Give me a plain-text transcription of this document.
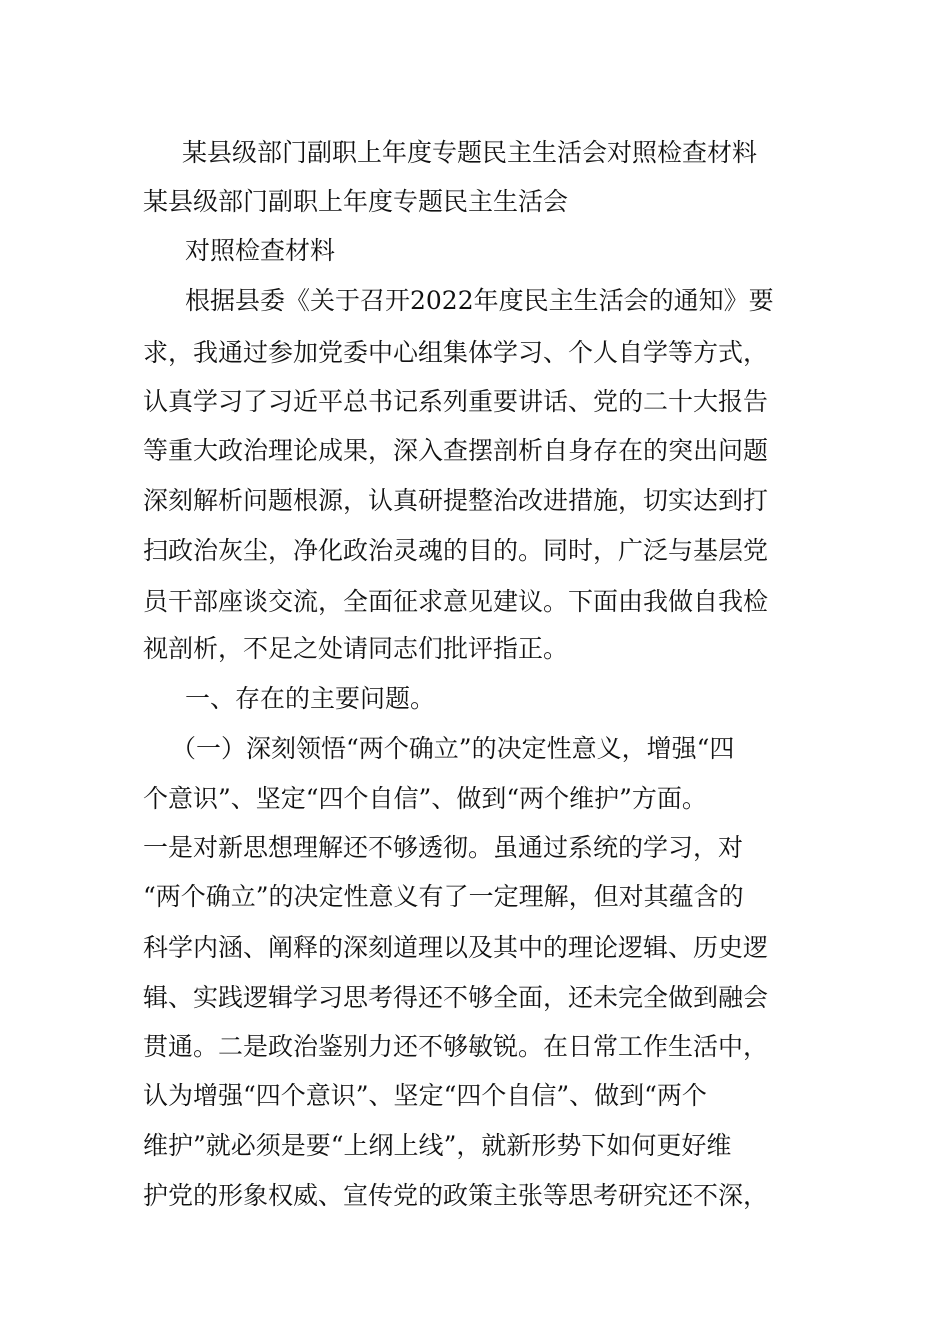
某县级部门副职上年度专题民主生活会对照检查材料
某县级部门副职上年度专题民主生活会
对照检查材料
根据县委《关于召开2022年度民主生活会的通知》要
求，我通过参加党委中心组集体学习、个人自学等方式，
认真学习了习近平总书记系列重要讲话、党的二十大报告
等重大政治理论成果，深入查摆剖析自身存在的突出问题
深刻解析问题根源，认真研提整治改进措施，切实达到打
扫政治灰尘，净化政治灵魂的目的。同时，广泛与基层党
员干部座谈交流，全面征求意见建议。下面由我做自我检
视剖析，不足之处请同志们批评指正。
一、存在的主要问题。
（一）深刻领悟“两个确立”的决定性意义，增强“四
个意识”、坚定“四个自信”、做到“两个维护”方面。
一是对新思想理解还不够透彻。虽通过系统的学习，对
“两个确立”的决定性意义有了一定理解，但对其蕴含的
科学内涵、阐释的深刻道理以及其中的理论逻辑、历史逻
辑、实践逻辑学习思考得还不够全面，还未完全做到融会
贯通。二是政治鉴别力还不够敏锐。在日常工作生活中，
认为增强“四个意识”、坚定“四个自信”、做到“两个
维护”就必须是要“上纲上线”，就新形势下如何更好维
护党的形象权威、宣传党的政策主张等思考研究还不深，
